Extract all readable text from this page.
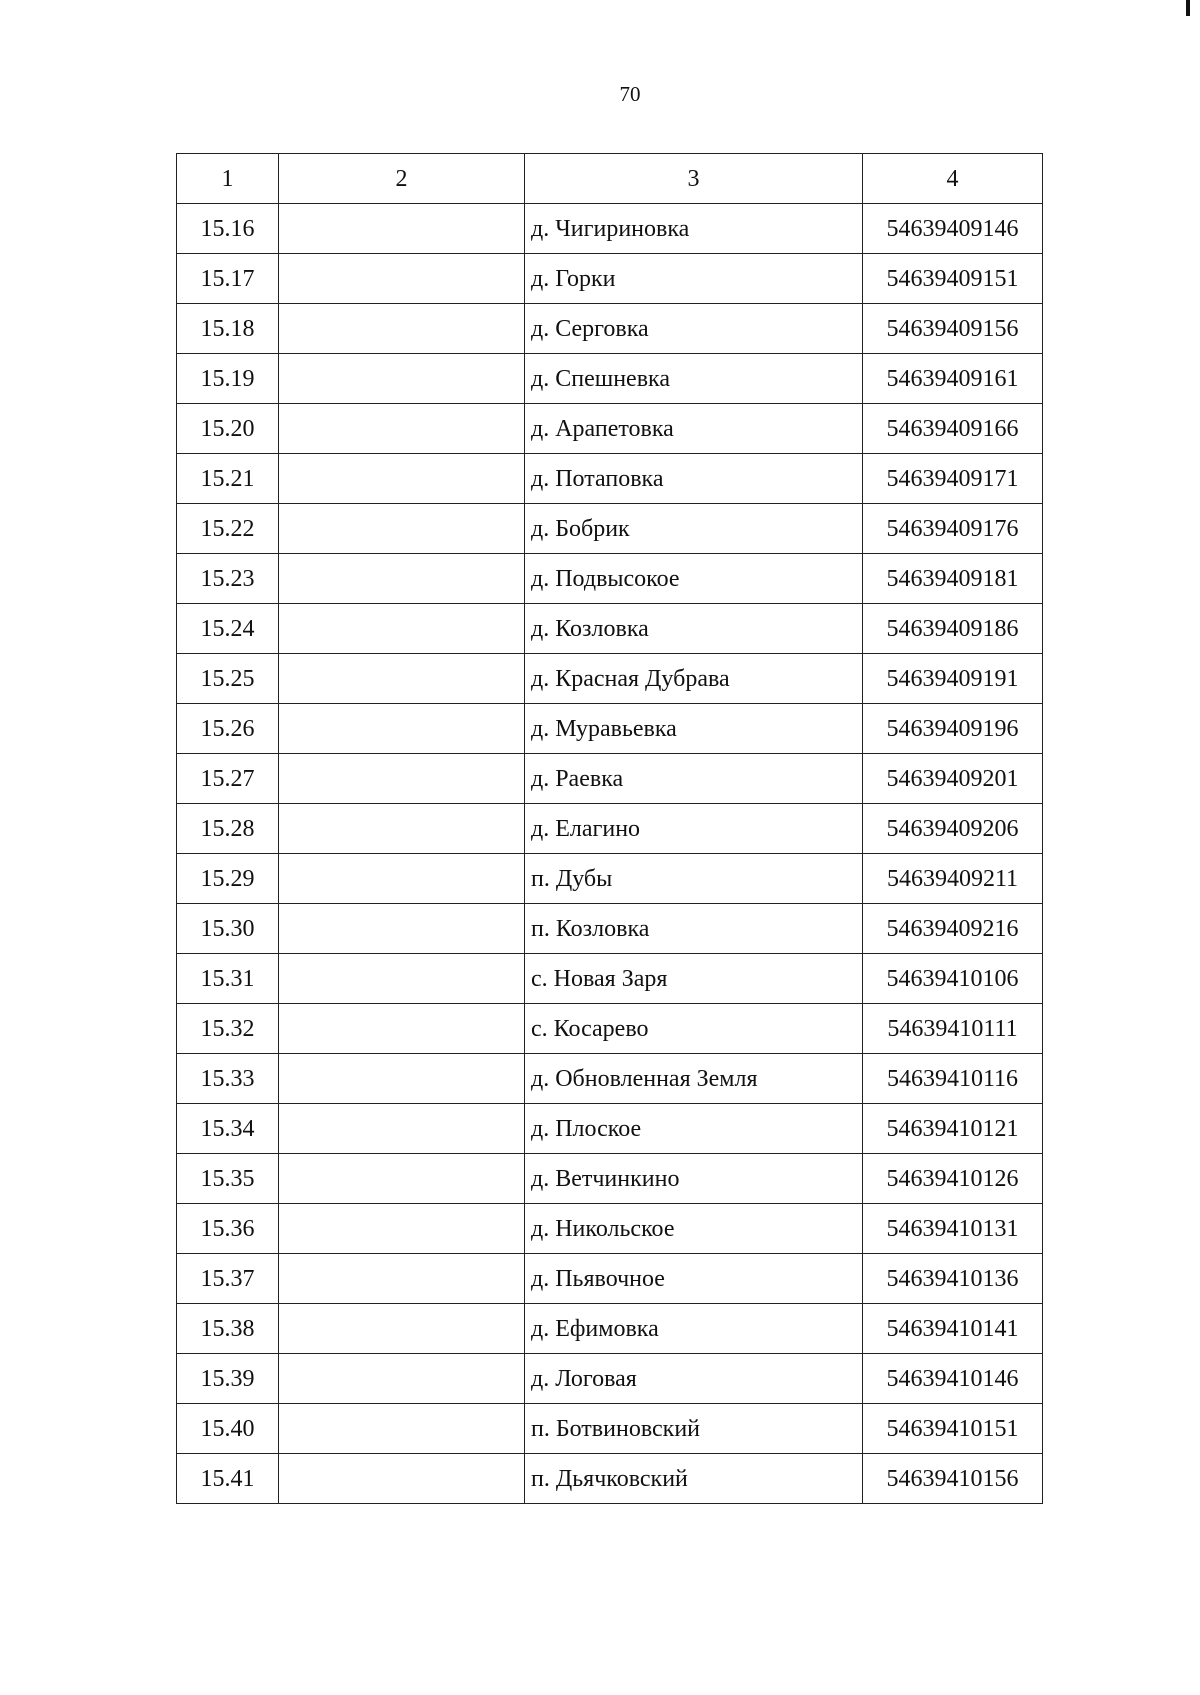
70
1	2	3	4
15.16		д. Чигириновка	54639409146
15.17		д. Горки	54639409151
15.18		д. Серговка	54639409156
15.19		д. Спешневка	54639409161
15.20		д. Арапетовка	54639409166
15.21		д. Потаповка	54639409171
15.22		д. Бобрик	54639409176
15.23		д. Подвысокое	54639409181
15.24		д. Козловка	54639409186
15.25		д. Красная Дубрава	54639409191
15.26		д. Муравьевка	54639409196
15.27		д. Раевка	54639409201
15.28		д. Елагино	54639409206
15.29		п. Дубы	54639409211
15.30		п. Козловка	54639409216
15.31		с. Новая Заря	54639410106
15.32		с. Косарево	54639410111
15.33		д. Обновленная Земля	54639410116
15.34		д. Плоское	54639410121
15.35		д. Ветчинкино	54639410126
15.36		д. Никольское	54639410131
15.37		д. Пьявочное	54639410136
15.38		д. Ефимовка	54639410141
15.39		д. Логовая	54639410146
15.40		п. Ботвиновский	54639410151
15.41		п. Дьячковский	54639410156
